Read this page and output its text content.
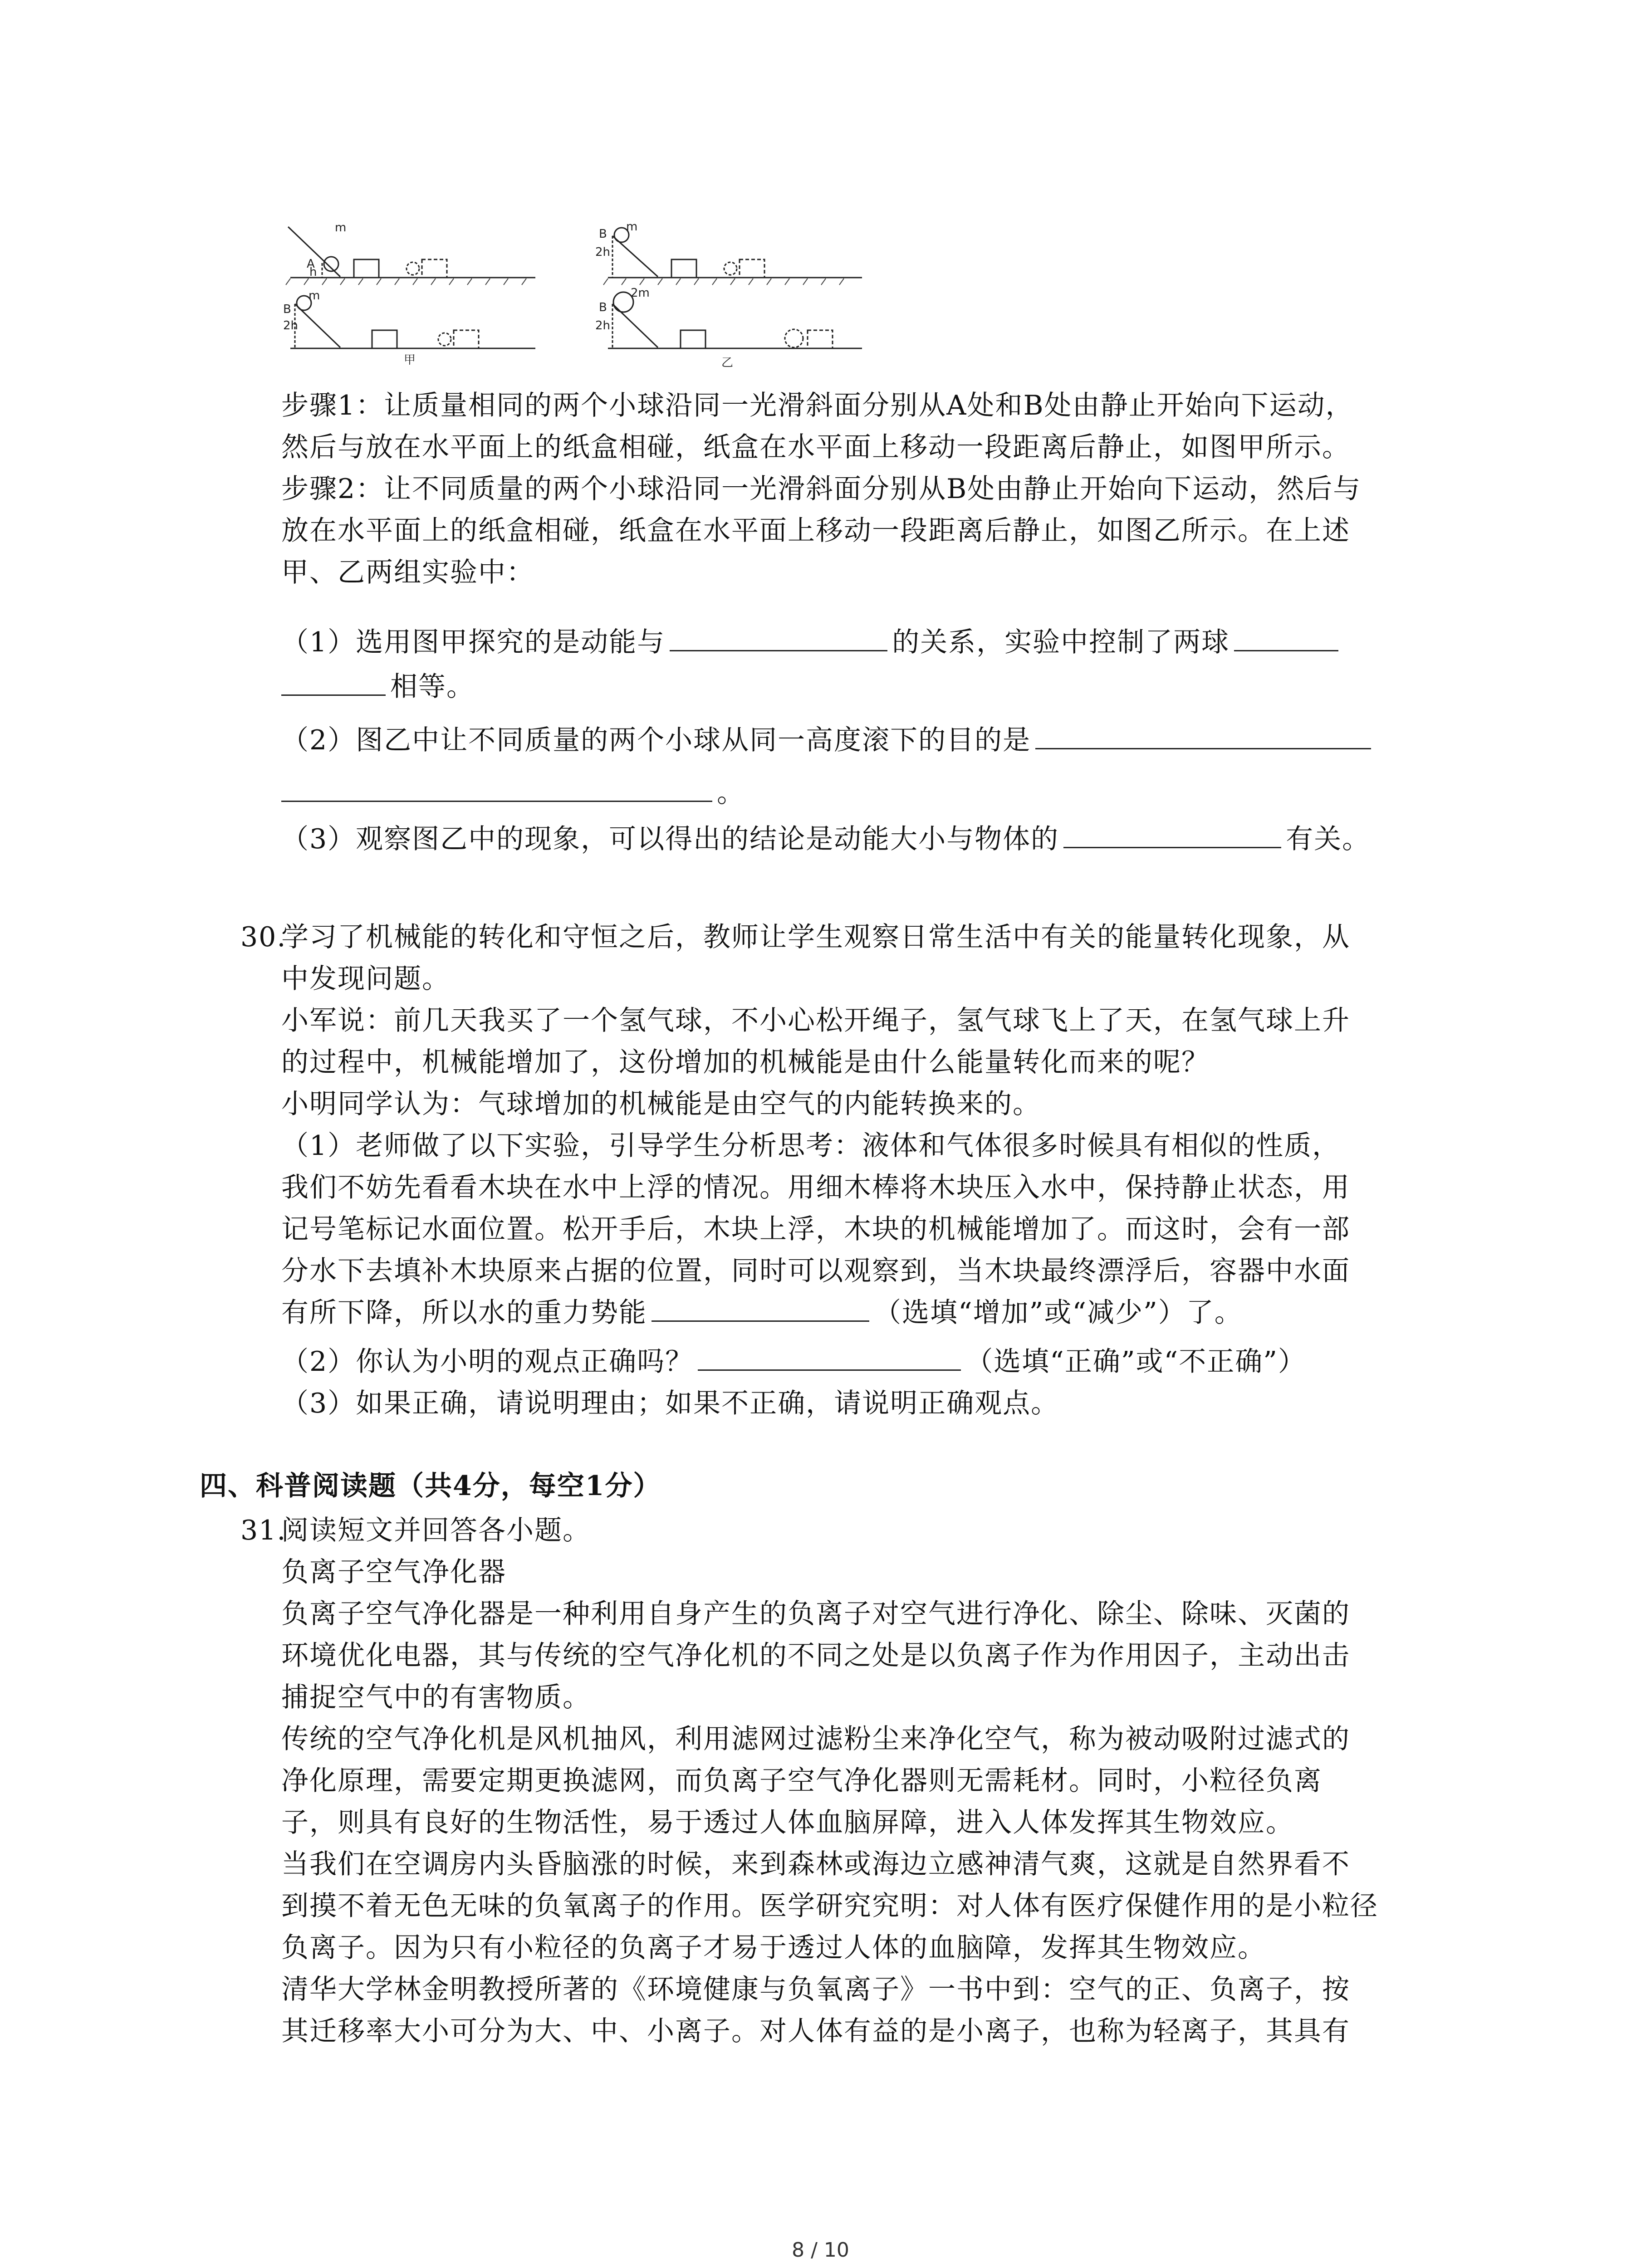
m
A
h
m
B
2h
甲
m
B
2h
2m
B
2h
乙
步骤1：让质量相同的两个小球沿同一光滑斜面分别从A处和B处由静止开始向下运动，
然后与放在水平面上的纸盒相碰，纸盒在水平面上移动一段距离后静止，如图甲所示。
步骤2：让不同质量的两个小球沿同一光滑斜面分别从B处由静止开始向下运动，然后与
放在水平面上的纸盒相碰，纸盒在水平面上移动一段距离后静止，如图乙所示。在上述
甲、乙两组实验中：
（1）选用图甲探究的是动能与	的关系，实验中控制了两球
相等。
（2）图乙中让不同质量的两个小球从同一高度滚下的目的是
。
（3）观察图乙中的现象，可以得出的结论是动能大小与物体的	有关。
30.
学习了机械能的转化和守恒之后，教师让学生观察日常生活中有关的能量转化现象，从
中发现问题。
小军说：前几天我买了一个氢气球，不小心松开绳子，氢气球飞上了天，在氢气球上升
的过程中，机械能增加了，这份增加的机械能是由什么能量转化而来的呢？
小明同学认为：气球增加的机械能是由空气的内能转换来的。
（1）老师做了以下实验，引导学生分析思考：液体和气体很多时候具有相似的性质，
我们不妨先看看木块在水中上浮的情况。用细木棒将木块压入水中，保持静止状态，用
记号笔标记水面位置。松开手后，木块上浮，木块的机械能增加了。而这时，会有一部
分水下去填补木块原来占据的位置，同时可以观察到，当木块最终漂浮后，容器中水面
有所下降，所以水的重力势能	（选填“增加”或“减少”）了。
（2）你认为小明的观点正确吗？	（选填“正确”或“不正确”）
（3）如果正确，请说明理由；如果不正确，请说明正确观点。
四、科普阅读题（共4分，每空1分）
31.
阅读短文并回答各小题。
负离子空气净化器
负离子空气净化器是一种利用自身产生的负离子对空气进行净化、除尘、除味、灭菌的
环境优化电器，其与传统的空气净化机的不同之处是以负离子作为作用因子，主动出击
捕捉空气中的有害物质。
传统的空气净化机是风机抽风，利用滤网过滤粉尘来净化空气，称为被动吸附过滤式的
净化原理，需要定期更换滤网，而负离子空气净化器则无需耗材。同时，小粒径负离
子，则具有良好的生物活性，易于透过人体血脑屏障，进入人体发挥其生物效应。
当我们在空调房内头昏脑涨的时候，来到森林或海边立感神清气爽，这就是自然界看不
到摸不着无色无味的负氧离子的作用。医学研究究明：对人体有医疗保健作用的是小粒径
负离子。因为只有小粒径的负离子才易于透过人体的血脑障，发挥其生物效应。
清华大学林金明教授所著的《环境健康与负氧离子》一书中到：空气的正、负离子，按
其迁移率大小可分为大、中、小离子。对人体有益的是小离子，也称为轻离子，其具有
8 / 10
